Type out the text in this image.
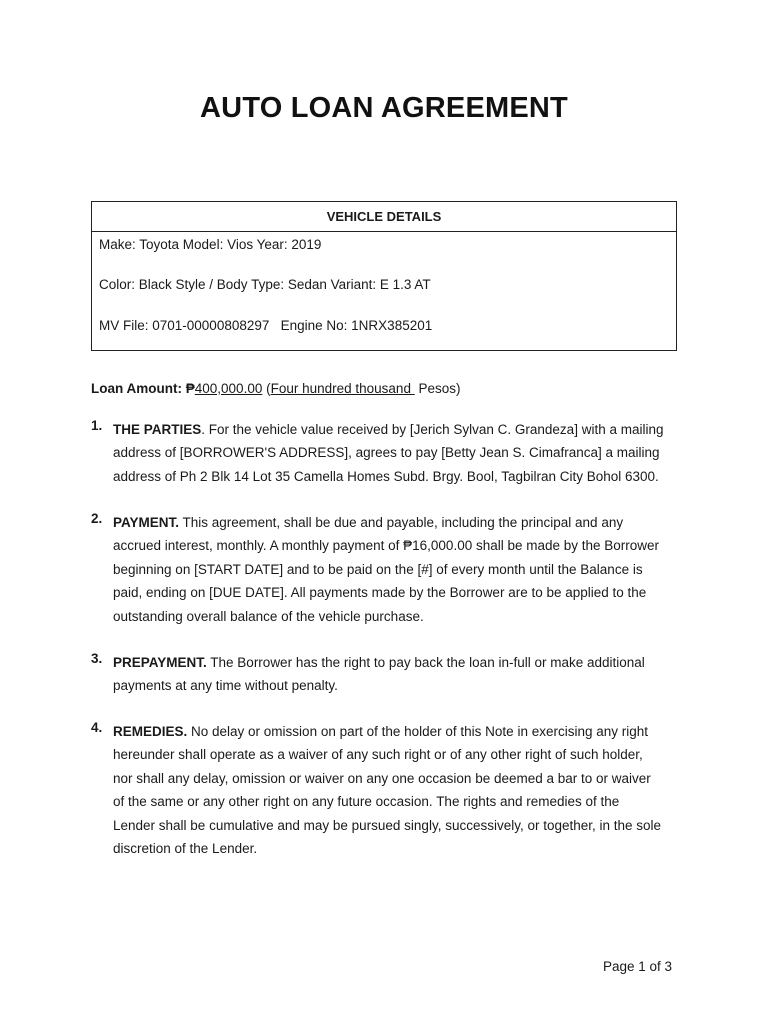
AUTO LOAN AGREEMENT
VEHICLE DETAILS
Make: Toyota Model: Vios Year: 2019
Color: Black Style / Body Type: Sedan Variant: E 1.3 AT
MV File: 0701-00000808297   Engine No: 1NRX385201
Loan Amount: ₱400,000.00 (Four hundred thousand  Pesos)
1. THE PARTIES. For the vehicle value received by [Jerich Sylvan C. Grandeza] with a mailing
address of [BORROWER'S ADDRESS], agrees to pay [Betty Jean S. Cimafranca] a mailing
address of Ph 2 Blk 14 Lot 35 Camella Homes Subd. Brgy. Bool, Tagbilran City Bohol 6300.
2. PAYMENT. This agreement, shall be due and payable, including the principal and any
accrued interest, monthly. A monthly payment of ₱16,000.00 shall be made by the Borrower
beginning on [START DATE] and to be paid on the [#] of every month until the Balance is
paid, ending on [DUE DATE]. All payments made by the Borrower are to be applied to the
outstanding overall balance of the vehicle purchase.
3. PREPAYMENT. The Borrower has the right to pay back the loan in-full or make additional
payments at any time without penalty.
4. REMEDIES. No delay or omission on part of the holder of this Note in exercising any right
hereunder shall operate as a waiver of any such right or of any other right of such holder,
nor shall any delay, omission or waiver on any one occasion be deemed a bar to or waiver
of the same or any other right on any future occasion. The rights and remedies of the
Lender shall be cumulative and may be pursued singly, successively, or together, in the sole
discretion of the Lender.
Page 1 of 3
